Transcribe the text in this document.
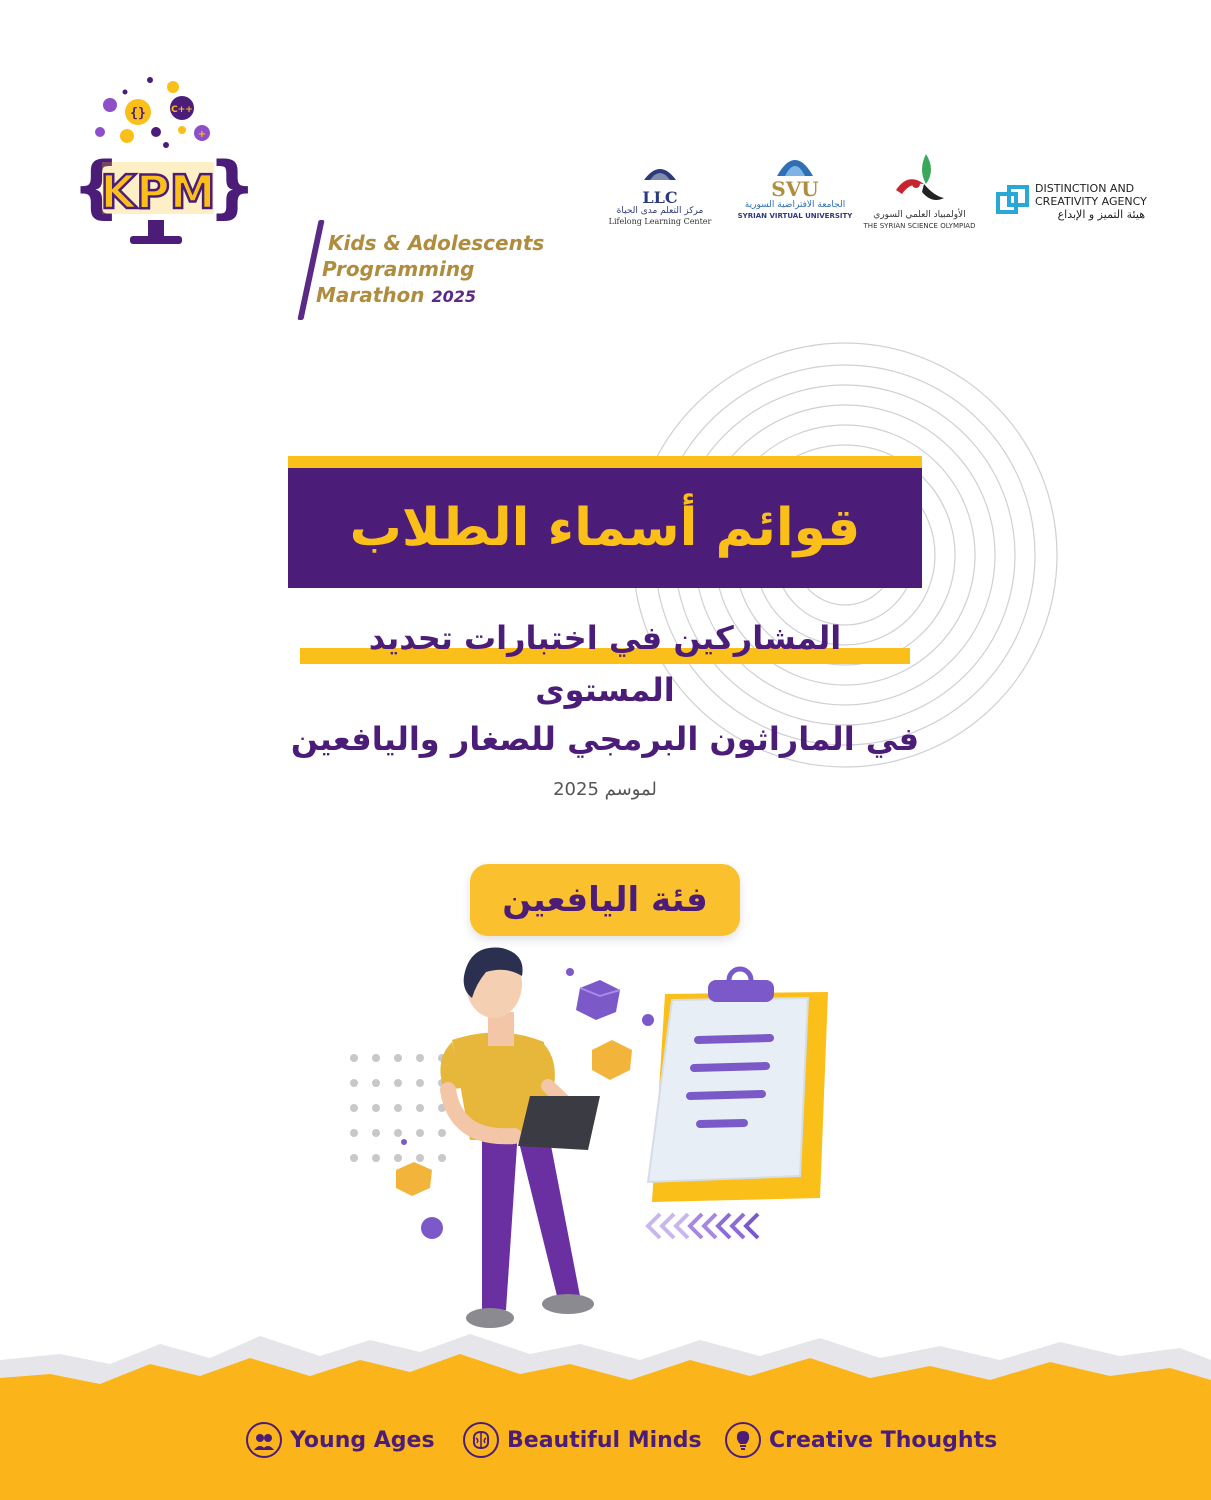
{}	C++
+
{ }
KPM
Kids & Adolescents
Programming
Marathon 2025
LLC
مركز التعلم مدى الحياة
Lifelong Learning Center
SVU
الجامعة الافتراضية السورية
SYRIAN VIRTUAL UNIVERSITY	الأولمبياد العلمي السوري
THE SYRIAN SCIENCE OLYMPIAD
DISTINCTION AND
CREATIVITY AGENCY
هيئة التميز و الإبداع
قوائم أسماء الطلاب
المشاركين في اختبارات تحديد المستوى
في الماراثون البرمجي للصغار واليافعين
لموسم 2025
فئة اليافعين
Young Ages	Beautiful Minds	Creative Thoughts
